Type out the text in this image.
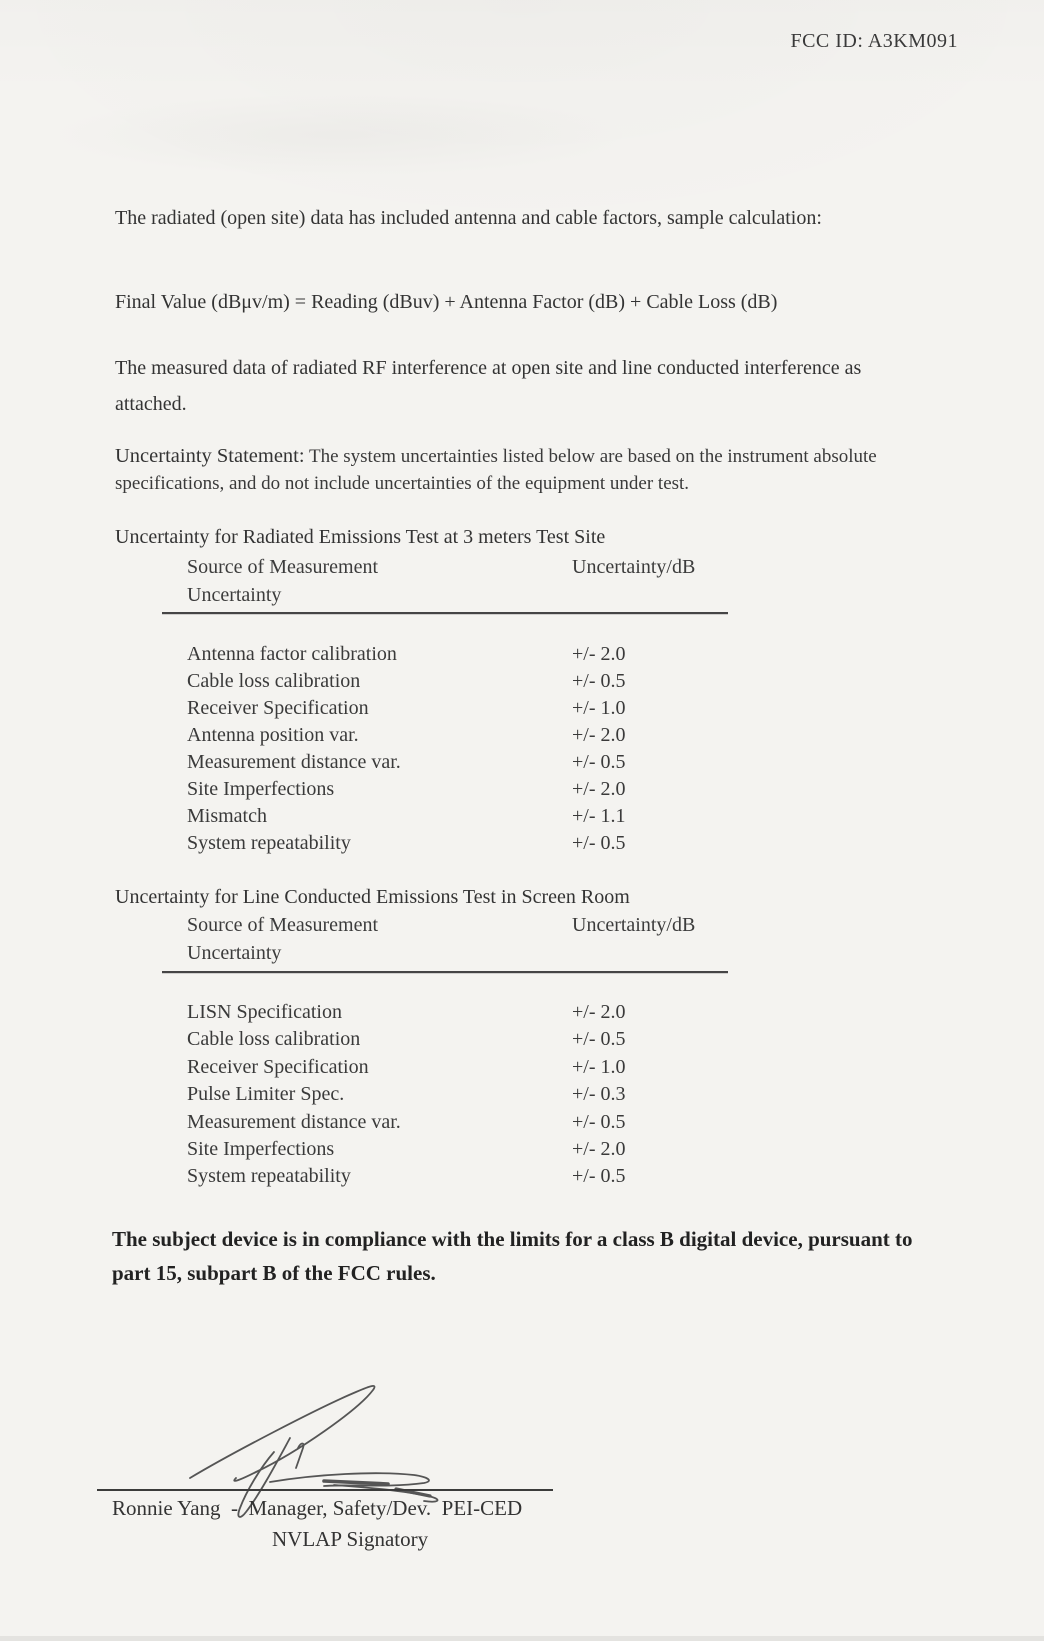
FCC ID: A3KM091

The radiated (open site) data has included antenna and cable factors, sample calculation:

Final Value (dBμv/m) = Reading (dBuv) + Antenna Factor (dB) + Cable Loss (dB)

The measured data of radiated RF interference at open site and line conducted interference as attached.

Uncertainty Statement: The system uncertainties listed below are based on the instrument absolute specifications, and do not include uncertainties of the equipment under test.

Uncertainty for Radiated Emissions Test at 3 meters Test Site
Source of Measurement	Uncertainty/dB
Uncertainty
Antenna factor calibration	+/- 2.0
Cable loss calibration	+/- 0.5
Receiver Specification	+/- 1.0
Antenna position var.	+/- 2.0
Measurement distance var.	+/- 0.5
Site Imperfections	+/- 2.0
Mismatch	+/- 1.1
System repeatability	+/- 0.5
Uncertainty for Line Conducted Emissions Test in Screen Room
Source of Measurement	Uncertainty/dB
Uncertainty
LISN Specification	+/- 2.0
Cable loss calibration	+/- 0.5
Receiver Specification	+/- 1.0
Pulse Limiter Spec.	+/- 0.3
Measurement distance var.	+/- 0.5
Site Imperfections	+/- 2.0
System repeatability	+/- 0.5

The subject device is in compliance with the limits for a class B digital device, pursuant to part 15, subpart B of the FCC rules.

Ronnie Yang  -  Manager, Safety/Dev.  PEI-CED
NVLAP Signatory
